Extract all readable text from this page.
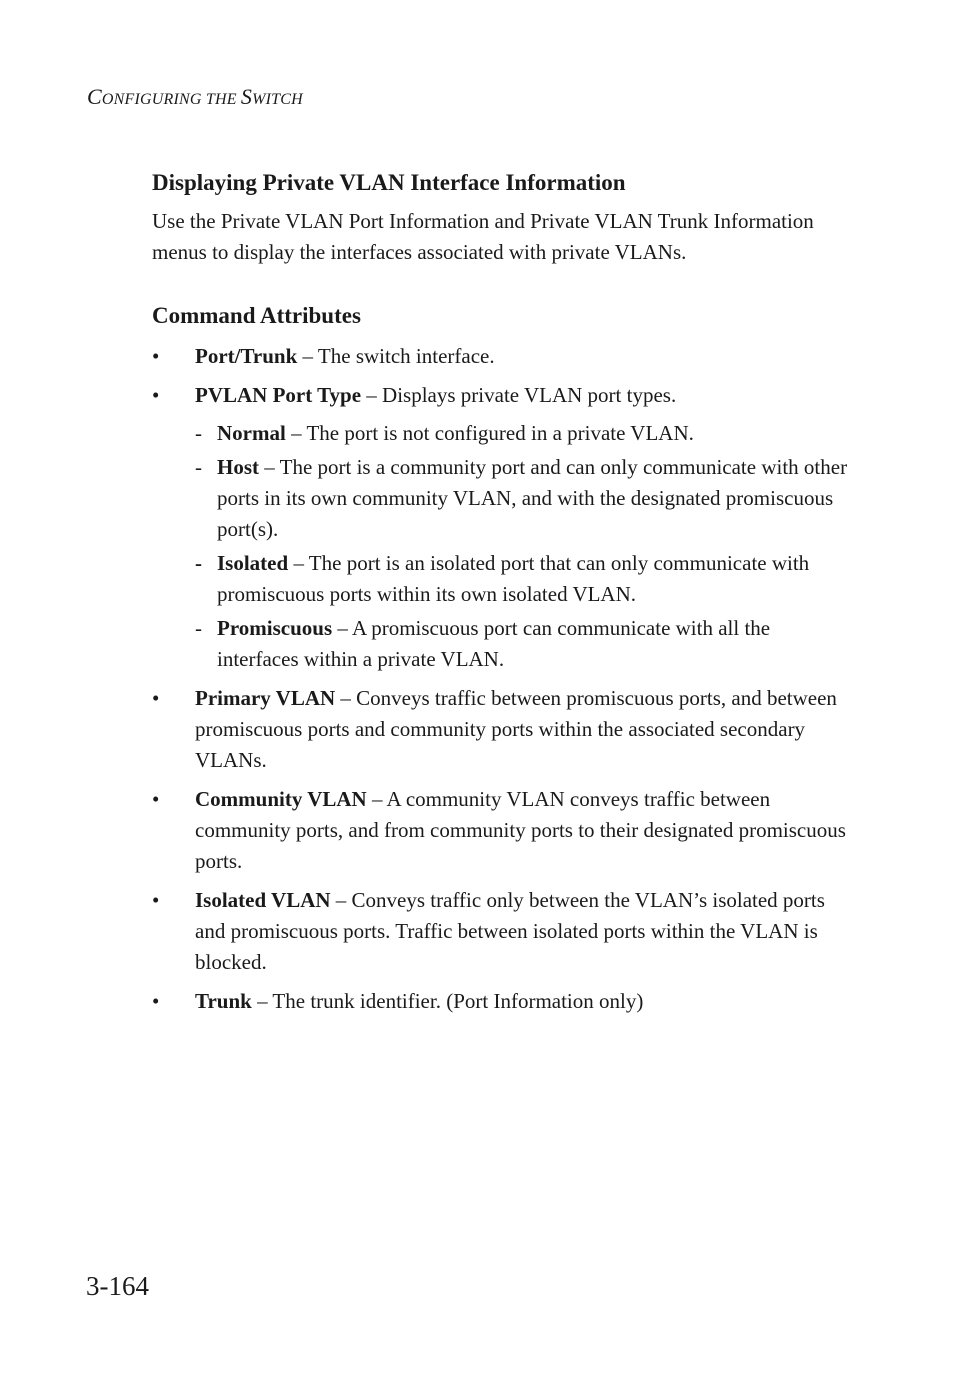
CONFIGURING THE SWITCH
Displaying Private VLAN Interface Information

Use the Private VLAN Port Information and Private VLAN Trunk Information menus to display the interfaces associated with private VLANs.

Command Attributes
•	Port/Trunk – The switch interface.
•	PVLAN Port Type – Displays private VLAN port types.
- Normal – The port is not configured in a private VLAN.
- Host – The port is a community port and can only communicate with other ports in its own community VLAN, and with the designated promiscuous port(s).
- Isolated – The port is an isolated port that can only communicate with promiscuous ports within its own isolated VLAN.
- Promiscuous – A promiscuous port can communicate with all the interfaces within a private VLAN.
•	Primary VLAN – Conveys traffic between promiscuous ports, and between promiscuous ports and community ports within the associated secondary VLANs.
•	Community VLAN – A community VLAN conveys traffic between community ports, and from community ports to their designated promiscuous ports.
•	Isolated VLAN – Conveys traffic only between the VLAN’s isolated ports and promiscuous ports. Traffic between isolated ports within the VLAN is blocked.
•	Trunk – The trunk identifier. (Port Information only)
3-164
